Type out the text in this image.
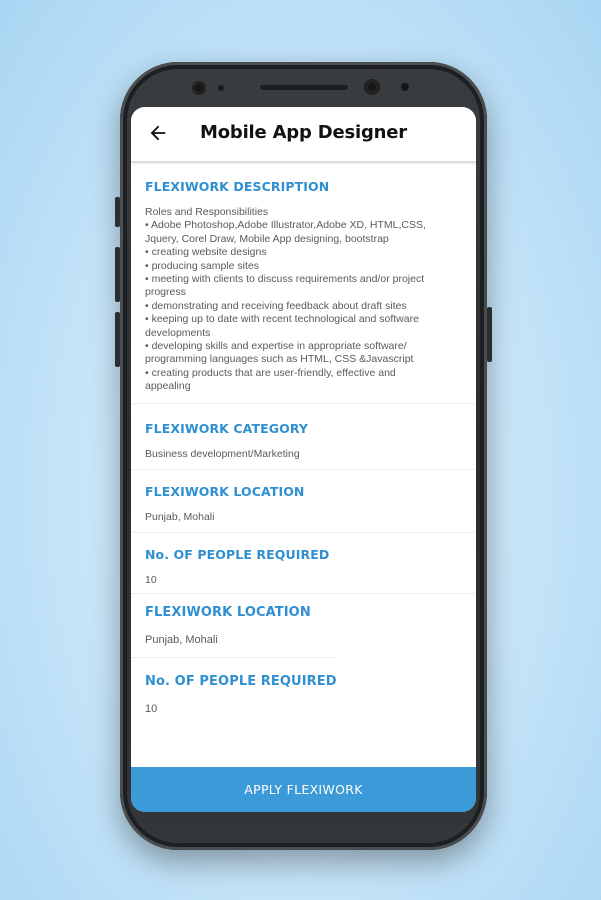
Mobile App Designer
FLEXIWORK DESCRIPTION
Roles and Responsibilities
• Adobe Photoshop,Adobe Illustrator,Adobe XD, HTML,CSS,
Jquery, Corel Draw, Mobile App designing, bootstrap
• creating website designs
• producing sample sites
• meeting with clients to discuss requirements and/or project
progress
• demonstrating and receiving feedback about draft sites
• keeping up to date with recent technological and software
developments
• developing skills and expertise in appropriate software/
programming languages such as HTML, CSS &Javascript
• creating products that are user-friendly, effective and
appealing
FLEXIWORK CATEGORY
Business development/Marketing
FLEXIWORK LOCATION
Punjab, Mohali
No. OF PEOPLE REQUIRED
10
FLEXIWORK LOCATION
Punjab, Mohali
No. OF PEOPLE REQUIRED
10
APPLY FLEXIWORK
